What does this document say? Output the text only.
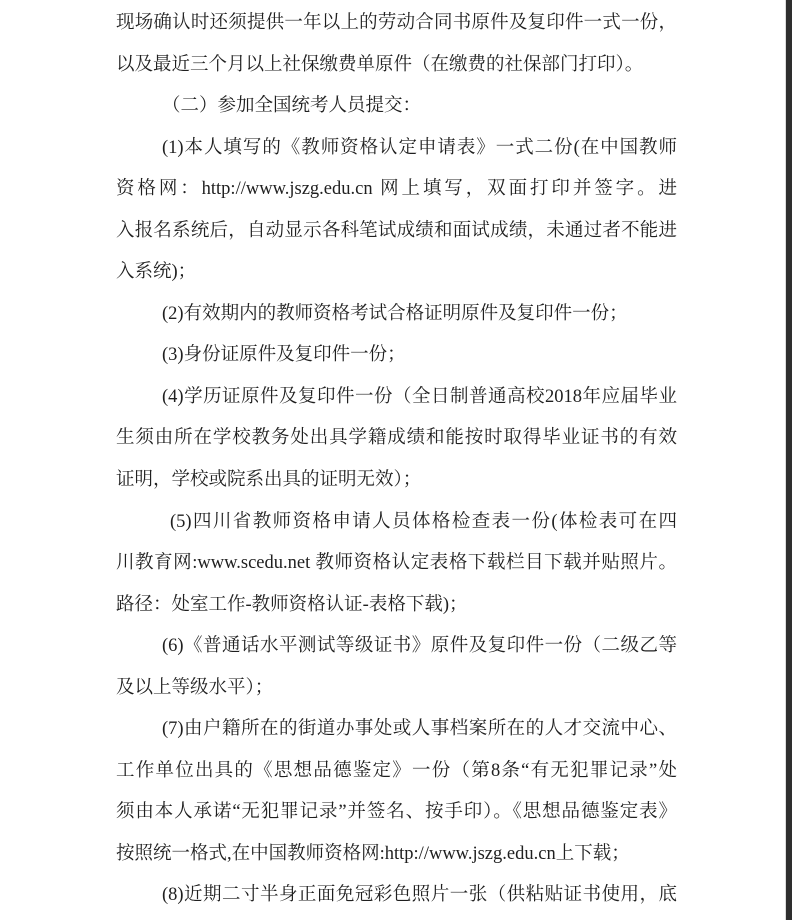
现场确认时还须提供一年以上的劳动合同书原件及复印件一式一份，
以及最近三个月以上社保缴费单原件（在缴费的社保部门打印）。
（二）参加全国统考人员提交：
(1)本人填写的《教师资格认定申请表》一式二份(在中国教师
资格网：http://www.jszg.edu.cn 网上填写，双面打印并签字。进
入报名系统后，自动显示各科笔试成绩和面试成绩，未通过者不能进
入系统)；
(2)有效期内的教师资格考试合格证明原件及复印件一份；
(3)身份证原件及复印件一份；
(4)学历证原件及复印件一份（全日制普通高校2018年应届毕业
生须由所在学校教务处出具学籍成绩和能按时取得毕业证书的有效
证明，学校或院系出具的证明无效）；
(5)四川省教师资格申请人员体格检查表一份(体检表可在四
川教育网:www.scedu.net 教师资格认定表格下载栏目下载并贴照片。
路径：处室工作-教师资格认证-表格下载)；
(6)《普通话水平测试等级证书》原件及复印件一份（二级乙等
及以上等级水平）；
(7)由户籍所在的街道办事处或人事档案所在的人才交流中心、
工作单位出具的《思想品德鉴定》一份（第8条“有无犯罪记录”处
须由本人承诺“无犯罪记录”并签名、按手印）。《思想品德鉴定表》
按照统一格式,在中国教师资格网:http://www.jszg.edu.cn上下载；
(8)近期二寸半身正面免冠彩色照片一张（供粘贴证书使用，底
